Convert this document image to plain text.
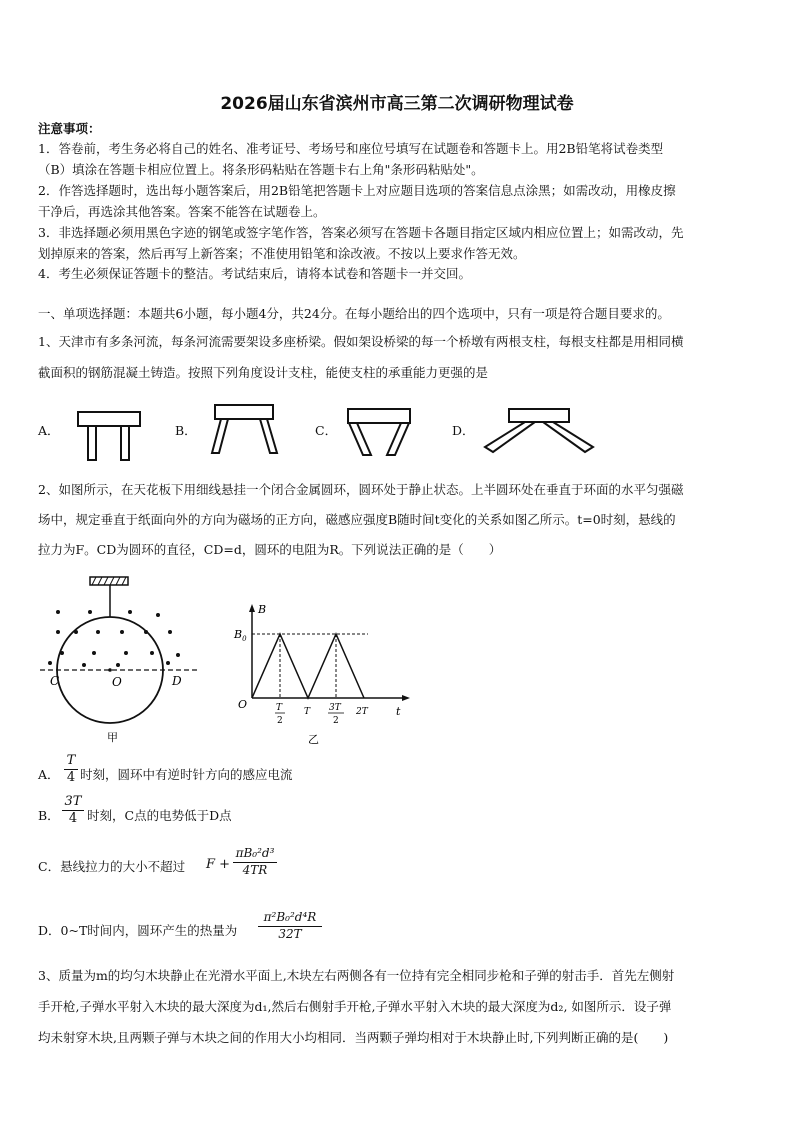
2026届山东省滨州市高三第二次调研物理试卷
注意事项：
1．答卷前，考生务必将自己的姓名、准考证号、考场号和座位号填写在试题卷和答题卡上。用2B铅笔将试卷类型
（B）填涂在答题卡相应位置上。将条形码粘贴在答题卡右上角"条形码粘贴处"。
2．作答选择题时，选出每小题答案后，用2B铅笔把答题卡上对应题目选项的答案信息点涂黑；如需改动，用橡皮擦
干净后，再选涂其他答案。答案不能答在试题卷上。
3．非选择题必须用黑色字迹的钢笔或签字笔作答，答案必须写在答题卡各题目指定区域内相应位置上；如需改动，先
划掉原来的答案，然后再写上新答案；不准使用铅笔和涂改液。不按以上要求作答无效。
4．考生必须保证答题卡的整洁。考试结束后，请将本试卷和答题卡一并交回。
一、单项选择题：本题共6小题，每小题4分，共24分。在每小题给出的四个选项中，只有一项是符合题目要求的。
1、天津市有多条河流，每条河流需要架设多座桥梁。假如架设桥梁的每一个桥墩有两根支柱，每根支柱都是用相同横
截面积的钢筋混凝土铸造。按照下列角度设计支柱，能使支柱的承重能力更强的是
A．	B．	C．	D．
2、如图所示，在天花板下用细线悬挂一个闭合金属圆环，圆环处于静止状态。上半圆环处在垂直于环面的水平匀强磁
场中，规定垂直于纸面向外的方向为磁场的正方向，磁感应强度B随时间t变化的关系如图乙所示。t=0时刻，悬线的
拉力为F。CD为圆环的直径，CD=d，圆环的电阻为R。下列说法正确的是（　　）
C	O	D
甲
B
$B_0$
t
O	T
2
T 3T
2
2T
乙
A．
T
4 时刻，圆环中有逆时针方向的感应电流
B．
3T
4 时刻，C点的电势低于D点
C．悬线拉力的大小不超过 F +
πB₀²d³
4TR
D．0~T时间内，圆环产生的热量为
π²B₀²d⁴R
32T
3、质量为m的均匀木块静止在光滑水平面上,木块左右两侧各有一位持有完全相同步枪和子弹的射击手．首先左侧射
手开枪,子弹水平射入木块的最大深度为d₁,然后右侧射手开枪,子弹水平射入木块的最大深度为d₂, 如图所示．设子弹
均未射穿木块,且两颗子弹与木块之间的作用大小均相同．当两颗子弹均相对于木块静止时,下列判断正确的是(　　)
